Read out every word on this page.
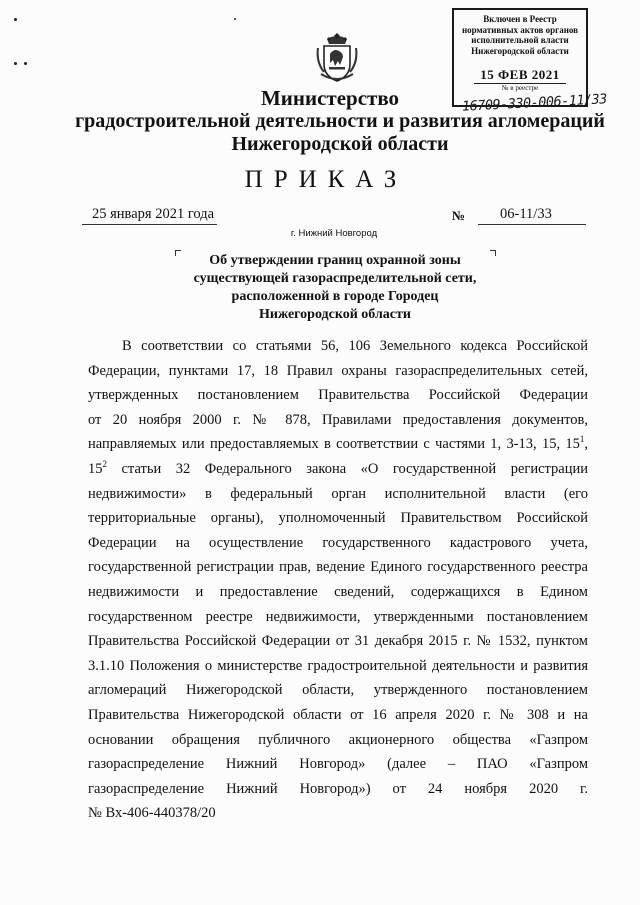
Министерство
градостроительной деятельности и развития агломераций
Нижегородской области
ПРИКАЗ
Включен в Реестр
нормативных актов органов
исполнительной власти
Нижегородской области
15 ФЕВ 2021
№ в реестре
16709-330-006-11/33
25 января 2021 года	№ 06-11/33
г. Нижний Новгород
Об утверждении границ охранной зоны
существующей газораспределительной сети,
расположенной в городе Городец
Нижегородской области
В соответствии со статьями 56, 106 Земельного кодекса Российской
Федерации, пунктами 17, 18 Правил охраны газораспределительных сетей,
утвержденных постановлением Правительства Российской Федерации
от 20 ноября 2000 г. № 878, Правилами предоставления документов,
направляемых или предоставляемых в соответствии с частями 1, 3-13, 15, $15^1$,
$15^2$ статьи 32 Федерального закона «О государственной регистрации
недвижимости» в федеральный орган исполнительной власти (его
территориальные органы), уполномоченный Правительством Российской
Федерации на осуществление государственного кадастрового учета,
государственной регистрации прав, ведение Единого государственного реестра
недвижимости и предоставление сведений, содержащихся в Едином
государственном реестре недвижимости, утвержденными постановлением
Правительства Российской Федерации от 31 декабря 2015 г. № 1532, пунктом
3.1.10 Положения о министерстве градостроительной деятельности и развития
агломераций Нижегородской области, утвержденного постановлением
Правительства Нижегородской области от 16 апреля 2020 г. № 308 и на
основании обращения публичного акционерного общества «Газпром
газораспределение Нижний Новгород» (далее – ПАО «Газпром
газораспределение Нижний Новгород») от 24 ноября 2020 г.
№ Вх-406-440378/20
